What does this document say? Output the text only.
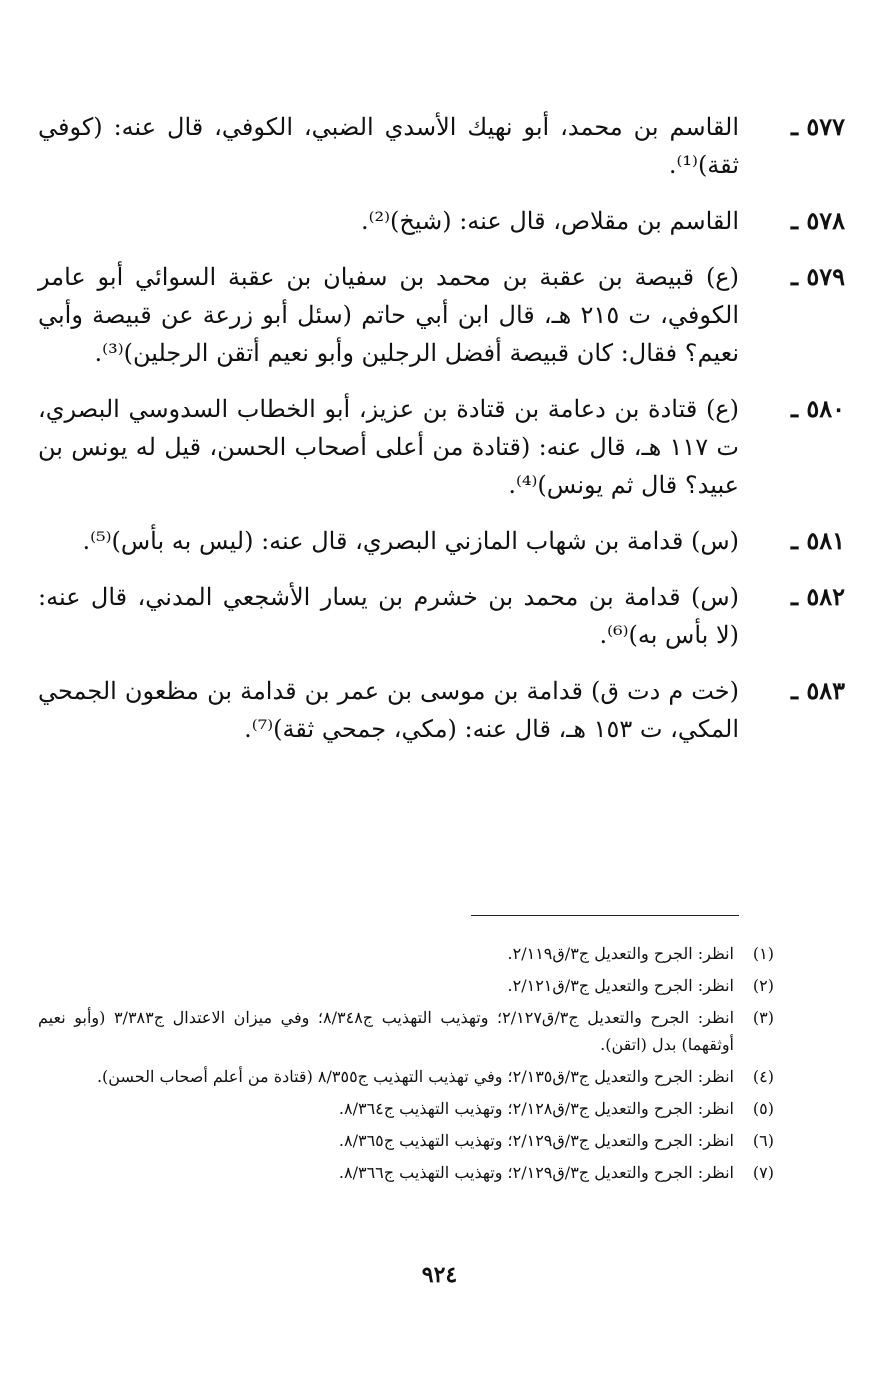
٥٧٧ ـ
القاسم بن محمد، أبو نهيك الأسدي الضبي، الكوفي، قال عنه: (كوفي ثقة)⁽¹⁾.
٥٧٨ ـ
القاسم بن مقلاص، قال عنه: (شيخ)⁽²⁾.
٥٧٩ ـ
(ع) قبيصة بن عقبة بن محمد بن سفيان بن عقبة السوائي أبو عامر الكوفي، ت ٢١٥ هـ، قال ابن أبي حاتم (سئل أبو زرعة عن قبيصة وأبي نعيم؟ فقال: كان قبيصة أفضل الرجلين وأبو نعيم أتقن الرجلين)⁽³⁾.
٥٨٠ ـ
(ع) قتادة بن دعامة بن قتادة بن عزيز، أبو الخطاب السدوسي البصري، ت ١١٧ هـ، قال عنه: (قتادة من أعلى أصحاب الحسن، قيل له يونس بن عبيد؟ قال ثم يونس)⁽⁴⁾.
٥٨١ ـ
(س) قدامة بن شهاب المازني البصري، قال عنه: (ليس به بأس)⁽⁵⁾.
٥٨٢ ـ
(س) قدامة بن محمد بن خشرم بن يسار الأشجعي المدني، قال عنه: (لا بأس به)⁽⁶⁾.
٥٨٣ ـ
(خت م دت ق) قدامة بن موسى بن عمر بن قدامة بن مظعون الجمحي المكي، ت ١٥٣ هـ، قال عنه: (مكي، جمحي ثقة)⁽⁷⁾.
(١)
انظر: الجرح والتعديل ج٣/ق٢/١١٩.
(٢)
انظر: الجرح والتعديل ج٣/ق٢/١٢١.
(٣)
انظر: الجرح والتعديل ج٣/ق٢/١٢٧؛ وتهذيب التهذيب ج٨/٣٤٨؛ وفي ميزان الاعتدال ج٣/٣٨٣ (وأبو نعيم أوثقهما) بدل (اتقن).
(٤)
انظر: الجرح والتعديل ج٣/ق٢/١٣٥؛ وفي تهذيب التهذيب ج٨/٣٥٥ (قتادة من أعلم أصحاب الحسن).
(٥)
انظر: الجرح والتعديل ج٣/ق٢/١٢٨؛ وتهذيب التهذيب ج٨/٣٦٤.
(٦)
انظر: الجرح والتعديل ج٣/ق٢/١٢٩؛ وتهذيب التهذيب ج٨/٣٦٥.
(٧)
انظر: الجرح والتعديل ج٣/ق٢/١٢٩؛ وتهذيب التهذيب ج٨/٣٦٦.
٩٢٤
